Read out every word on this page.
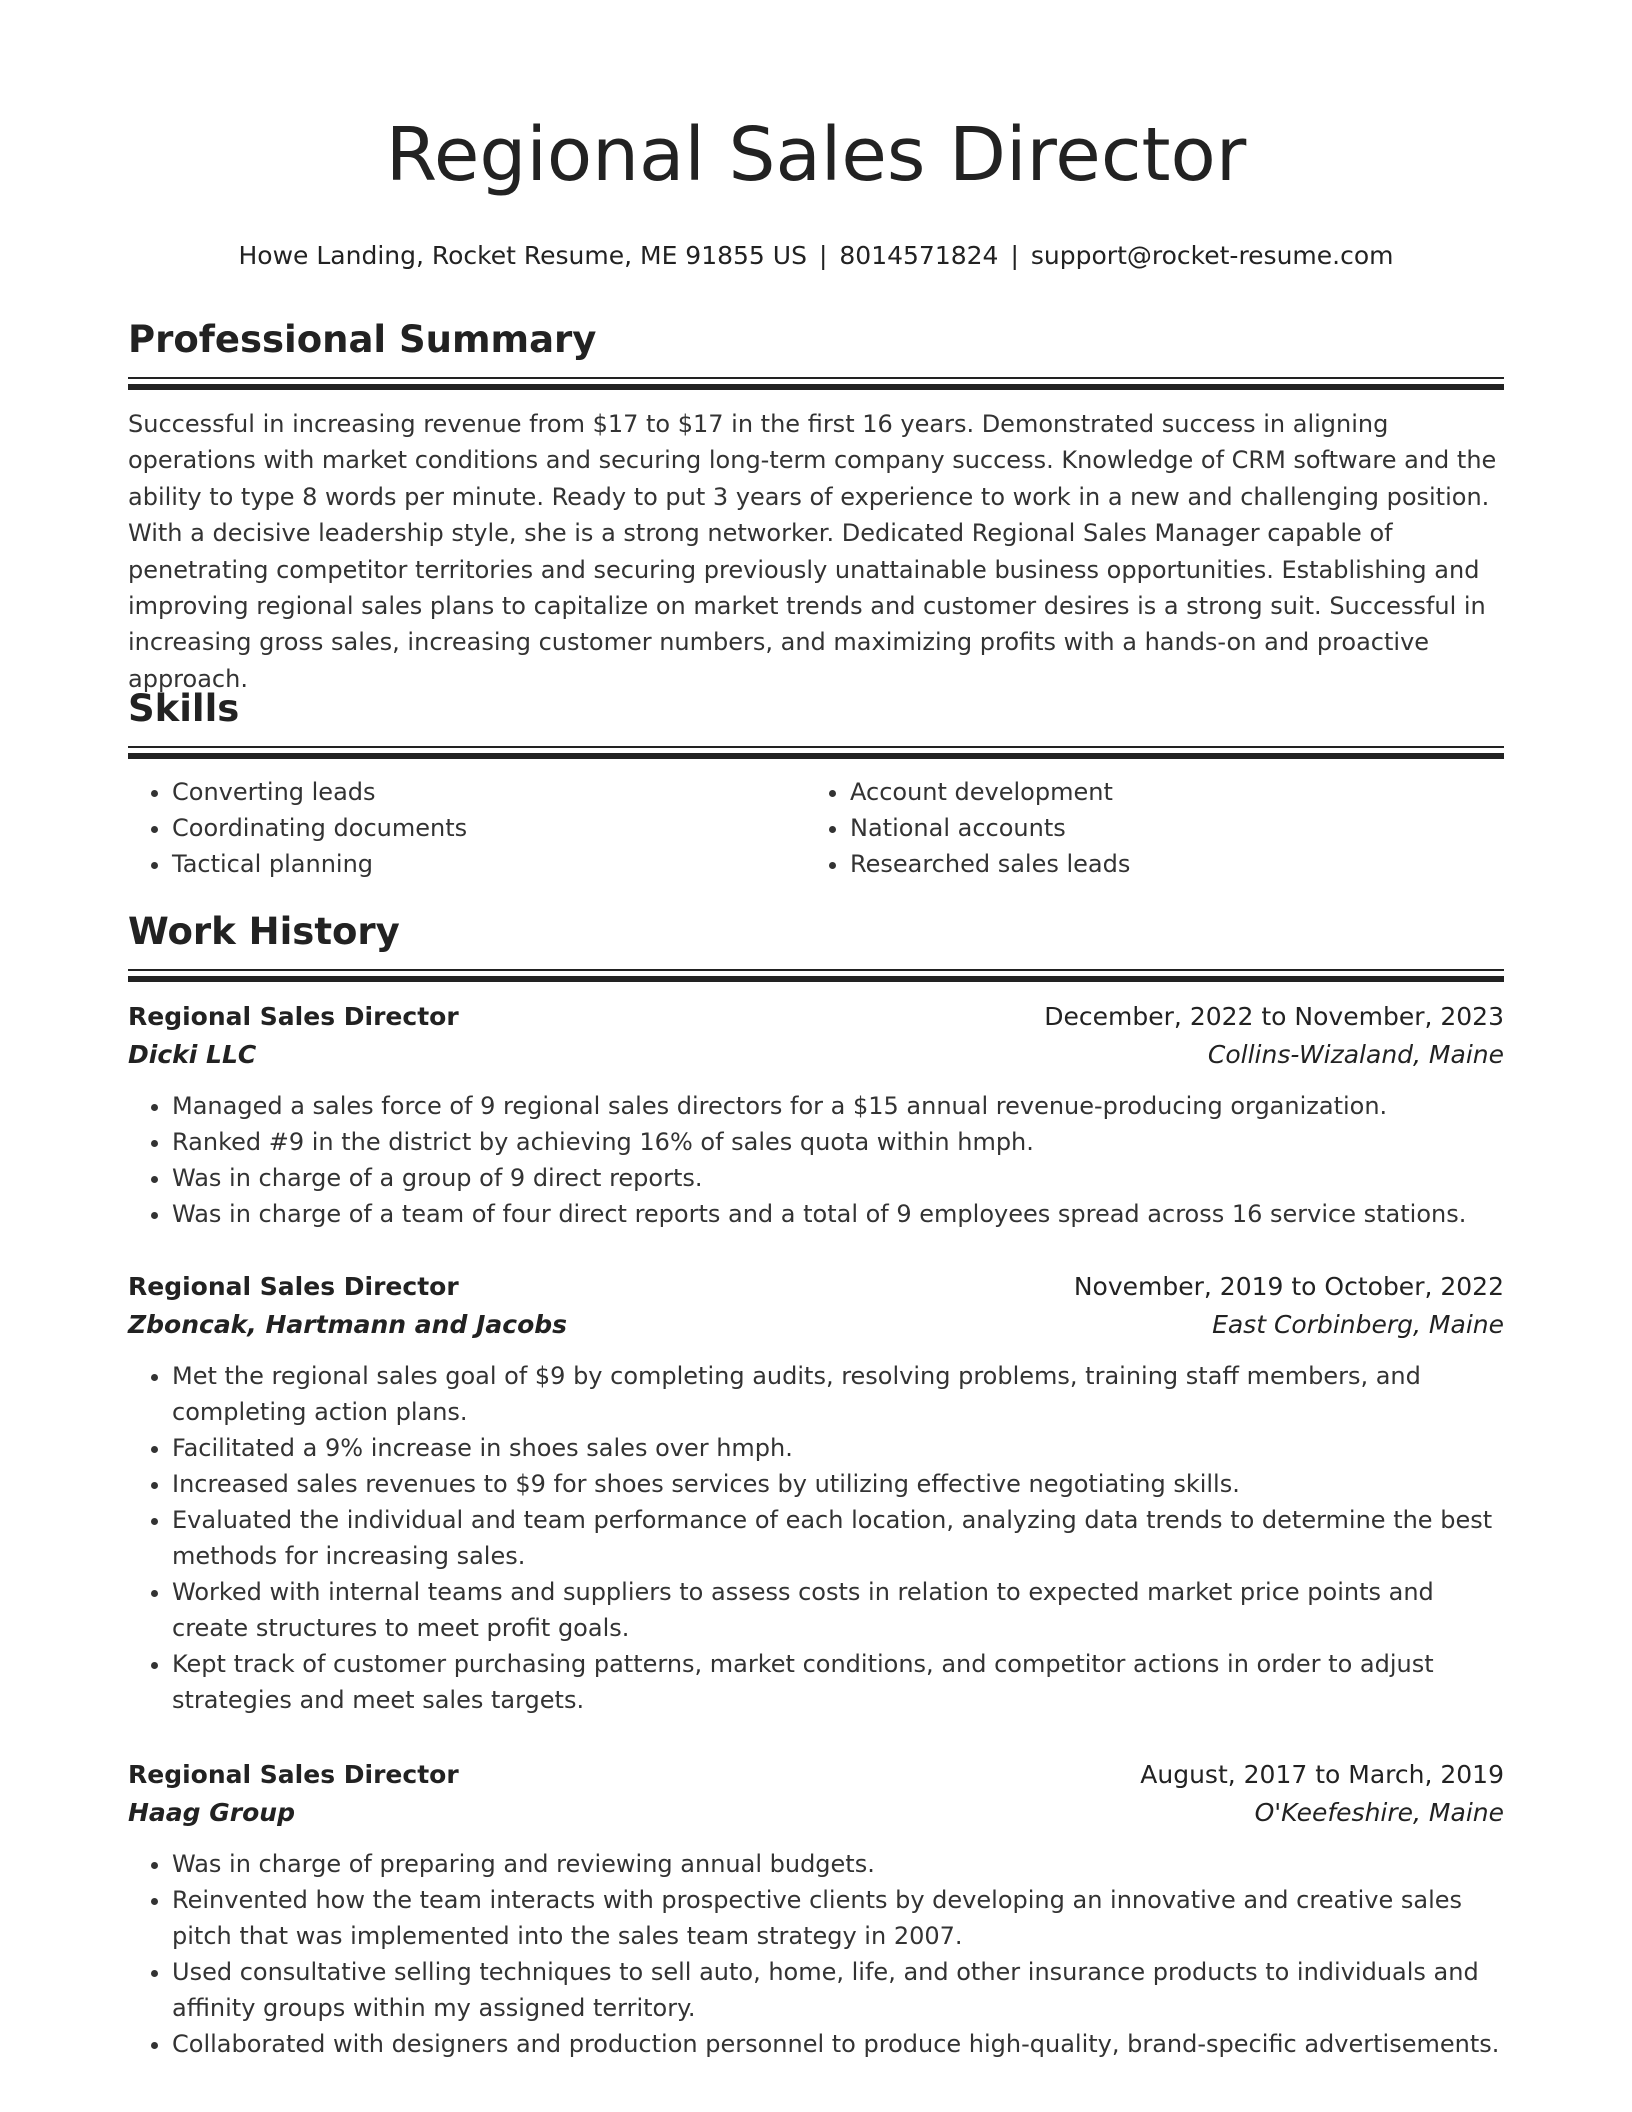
Regional Sales Director
Howe Landing, Rocket Resume, ME 91855 US | 8014571824 | support@rocket-resume.com
Professional Summary

Successful in increasing revenue from $17 to $17 in the first 16 years. Demonstrated success in aligning operations with market conditions and securing long-term company success. Knowledge of CRM software and the ability to type 8 words per minute. Ready to put 3 years of experience to work in a new and challenging position. With a decisive leadership style, she is a strong networker. Dedicated Regional Sales Manager capable of penetrating competitor territories and securing previously unattainable business opportunities. Establishing and improving regional sales plans to capitalize on market trends and customer desires is a strong suit. Successful in increasing gross sales, increasing customer numbers, and maximizing profits with a hands-on and proactive approach.

Skills
• Converting leads
• Coordinating documents
• Tactical planning
• Account development
• National accounts
• Researched sales leads
Work History
Regional Sales Director	December, 2022 to November, 2023
Dicki LLC	Collins-Wizaland, Maine
• Managed a sales force of 9 regional sales directors for a $15 annual revenue-producing organization.
• Ranked #9 in the district by achieving 16% of sales quota within hmph.
• Was in charge of a group of 9 direct reports.
• Was in charge of a team of four direct reports and a total of 9 employees spread across 16 service stations.
Regional Sales Director	November, 2019 to October, 2022
Zboncak, Hartmann and Jacobs	East Corbinberg, Maine
• Met the regional sales goal of $9 by completing audits, resolving problems, training staff members, and completing action plans.
• Facilitated a 9% increase in shoes sales over hmph.
• Increased sales revenues to $9 for shoes services by utilizing effective negotiating skills.
• Evaluated the individual and team performance of each location, analyzing data trends to determine the best methods for increasing sales.
• Worked with internal teams and suppliers to assess costs in relation to expected market price points and create structures to meet profit goals.
• Kept track of customer purchasing patterns, market conditions, and competitor actions in order to adjust strategies and meet sales targets.
Regional Sales Director	August, 2017 to March, 2019
Haag Group	O'Keefeshire, Maine
• Was in charge of preparing and reviewing annual budgets.
• Reinvented how the team interacts with prospective clients by developing an innovative and creative sales pitch that was implemented into the sales team strategy in 2007.
• Used consultative selling techniques to sell auto, home, life, and other insurance products to individuals and affinity groups within my assigned territory.
• Collaborated with designers and production personnel to produce high-quality, brand-specific advertisements.
